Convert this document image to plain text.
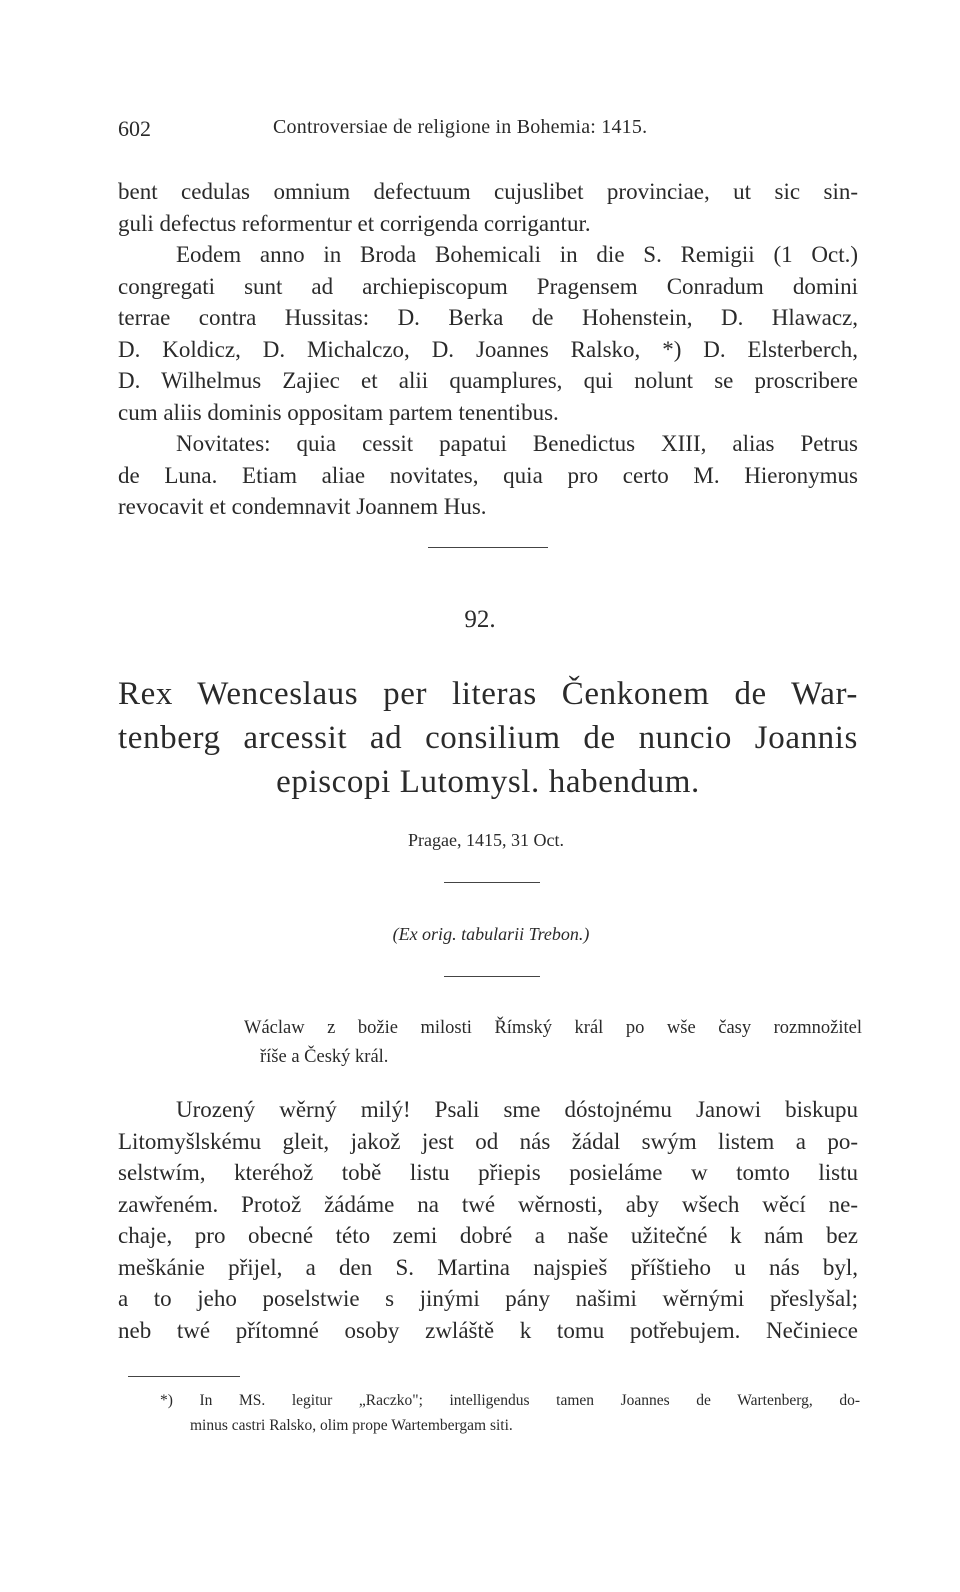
602	Controversiae de religione in Bohemia: 1415.
bent cedulas omnium defectuum cujuslibet provinciae, ut sic sin-
guli defectus reformentur et corrigenda corrigantur.
Eodem anno in Broda Bohemicali in die S. Remigii (1 Oct.)
congregati sunt ad archiepiscopum Pragensem Conradum domini
terrae contra Hussitas: D. Berka de Hohenstein, D. Hlawacz,
D. Koldicz, D. Michalczo, D. Joannes Ralsko, *) D. Elsterberch,
D. Wilhelmus Zajiec et alii quamplures, qui nolunt se proscribere
cum aliis dominis oppositam partem tenentibus.
Novitates: quia cessit papatui Benedictus XIII, alias Petrus
de Luna. Etiam aliae novitates, quia pro certo M. Hieronymus
revocavit et condemnavit Joannem Hus.
92.
Rex Wenceslaus per literas Čenkonem de War-
tenberg arcessit ad consilium de nuncio Joannis
episcopi Lutomysl. habendum.
Pragae, 1415, 31 Oct.
(Ex orig. tabularii Trebon.)
Wáclaw z božie milosti Římský král po wše časy rozmnožitel
říše a Český král.
Urozený wěrný milý! Psali sme dóstojnému Janowi biskupu
Litomyšlskému gleit, jakož jest od nás žádal swým listem a po-
selstwím, kteréhož tobě listu přiepis posieláme w tomto listu
zawřeném. Protož žádáme na twé wěrnosti, aby wšech wěcí ne-
chaje, pro obecné této zemi dobré a naše užitečné k nám bez
meškánie přijel, a den S. Martina najspieš příštieho u nás byl,
a to jeho poselstwie s jinými pány našimi wěrnými přeslyšal;
neb twé přítomné osoby zwláště k tomu potřebujem. Nečiniece
*) In MS. legitur „Raczko"; intelligendus tamen Joannes de Wartenberg, do-
minus castri Ralsko, olim prope Wartembergam siti.
